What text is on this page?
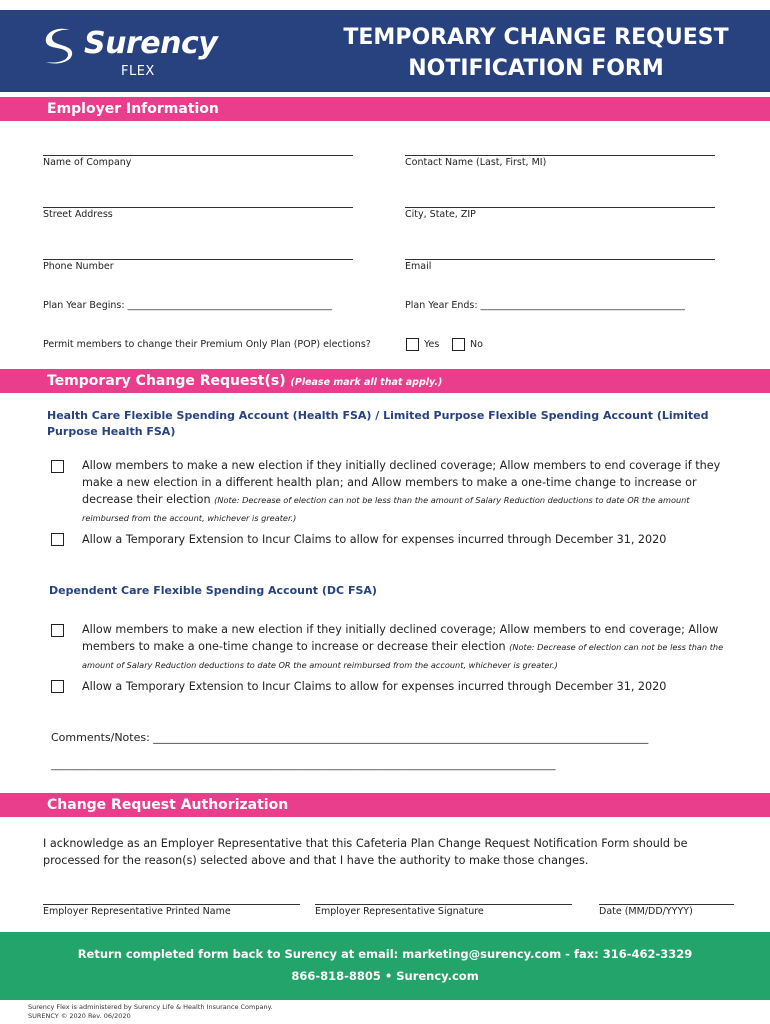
Surency
FLEX
TEMPORARY CHANGE REQUEST
NOTIFICATION FORM
Employer Information
Name of Company	Contact Name (Last, First, MI)
Street Address	City, State, ZIP
Phone Number	Email
Plan Year Begins: ___________________________________________	Plan Year Ends: ___________________________________________
Permit members to change their Premium Only Plan (POP) elections?	Yes	No
Temporary Change Request(s) (Please mark all that apply.)
Health Care Flexible Spending Account (Health FSA) / Limited Purpose Flexible Spending Account (Limited Purpose Health FSA)
Allow members to make a new election if they initially declined coverage; Allow members to end coverage if they make a new election in a different health plan; and Allow members to make a one-time change to increase or decrease their election (Note: Decrease of election can not be less than the amount of Salary Reduction deductions to date OR the amount reimbursed from the account, whichever is greater.)
Allow a Temporary Extension to Incur Claims to allow for expenses incurred through December 31, 2020
Dependent Care Flexible Spending Account (DC FSA)
Allow members to make a new election if they initially declined coverage; Allow members to end coverage; Allow members to make a one-time change to increase or decrease their election (Note: Decrease of election can not be less than the amount of Salary Reduction deductions to date OR the amount reimbursed from the account, whichever is greater.)
Allow a Temporary Extension to Incur Claims to allow for expenses incurred through December 31, 2020
Comments/Notes: __________________________________________________________________________________________
_______________________________________________________________________________________________________
Change Request Authorization
I acknowledge as an Employer Representative that this Cafeteria Plan Change Request Notification Form should be processed for the reason(s) selected above and that I have the authority to make those changes.
Employer Representative Printed Name	Employer Representative Signature	Date (MM/DD/YYYY)
Return completed form back to Surency at email: marketing@surency.com - fax: 316-462-3329
866-818-8805 • Surency.com
Surency Flex is administered by Surency Life & Health Insurance Company.
SURENCY © 2020 Rev. 06/2020
